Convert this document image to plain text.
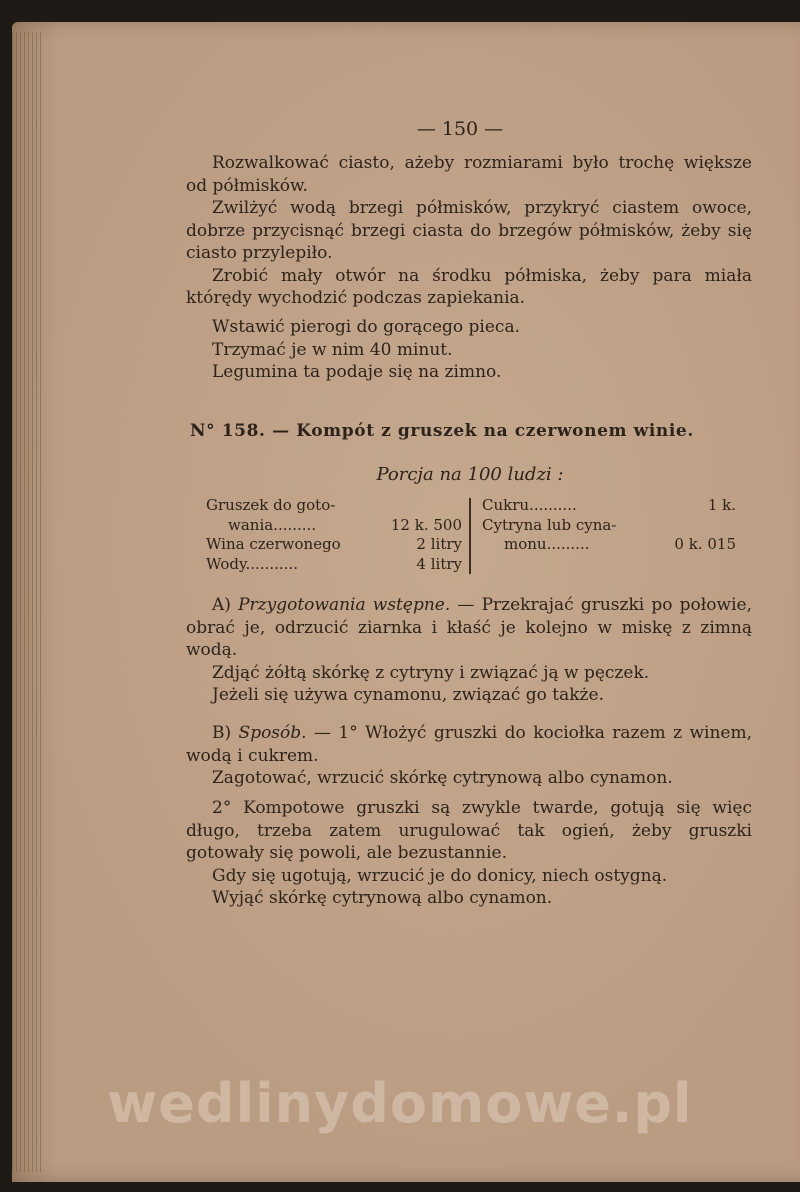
— 150 —

Rozwalkować ciasto, ażeby rozmiarami było trochę większe od półmisków.

Zwilżyć wodą brzegi półmisków, przykryć ciastem owoce, dobrze przycisnąć brzegi ciasta do brzegów półmisków, żeby się ciasto przylepiło.

Zrobić mały otwór na środku półmiska, żeby para miała którędy wychodzić podczas zapiekania.

Wstawić pierogi do gorącego pieca.

Trzymać je w nim 40 minut.

Legumina ta podaje się na zimno.

N° 158. — Kompót z gruszek na czerwonem winie.
Porcja na 100 ludzi :
Gruszek do goto-
wania.........	12 k. 500
Wina czerwonego	2 litry
Wody...........	4 litry
Cukru..........	1 k.
Cytryna lub cyna-
monu.........	0 k. 015

A) Przygotowania wstępne. — Przekrajać gruszki po połowie, obrać je, odrzucić ziarnka i kłaść je kolejno w miskę z zimną wodą.

Zdjąć żółtą skórkę z cytryny i związać ją w pęczek.

Jeżeli się używa cynamonu, związać go także.

B) Sposób. — 1° Włożyć gruszki do kociołka razem z winem, wodą i cukrem.

Zagotować, wrzucić skórkę cytrynową albo cynamon.

2° Kompotowe gruszki są zwykle twarde, gotują się więc długo, trzeba zatem urugulować tak ogień, żeby gruszki gotowały się powoli, ale bezustannie.

Gdy się ugotują, wrzucić je do donicy, niech ostygną.

Wyjąć skórkę cytrynową albo cynamon.

wedlinydomowe.pl
